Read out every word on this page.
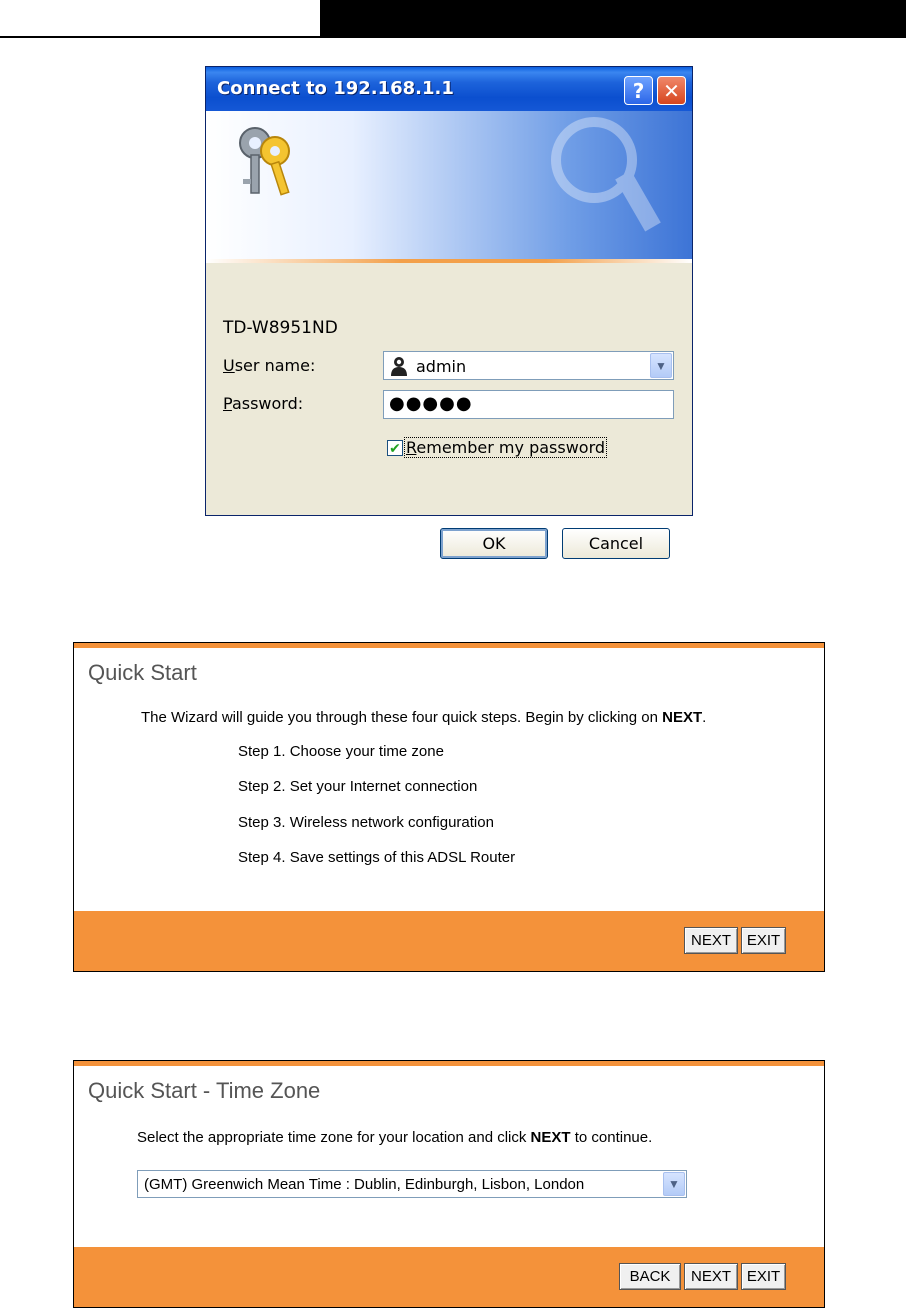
Connect to 192.168.1.1	? ✕
TD-W8951ND
User name:	admin	▼
Password:	●●●●●
✔ Remember my password
OK	Cancel
Quick Start
The Wizard will guide you through these four quick steps. Begin by clicking on NEXT.
Step 1. Choose your time zone
Step 2. Set your Internet connection
Step 3. Wireless network configuration
Step 4. Save settings of this ADSL Router
NEXT	EXIT
Quick Start - Time Zone
Select the appropriate time zone for your location and click NEXT to continue.
(GMT) Greenwich Mean Time : Dublin, Edinburgh, Lisbon, London	▼
BACK	NEXT	EXIT
